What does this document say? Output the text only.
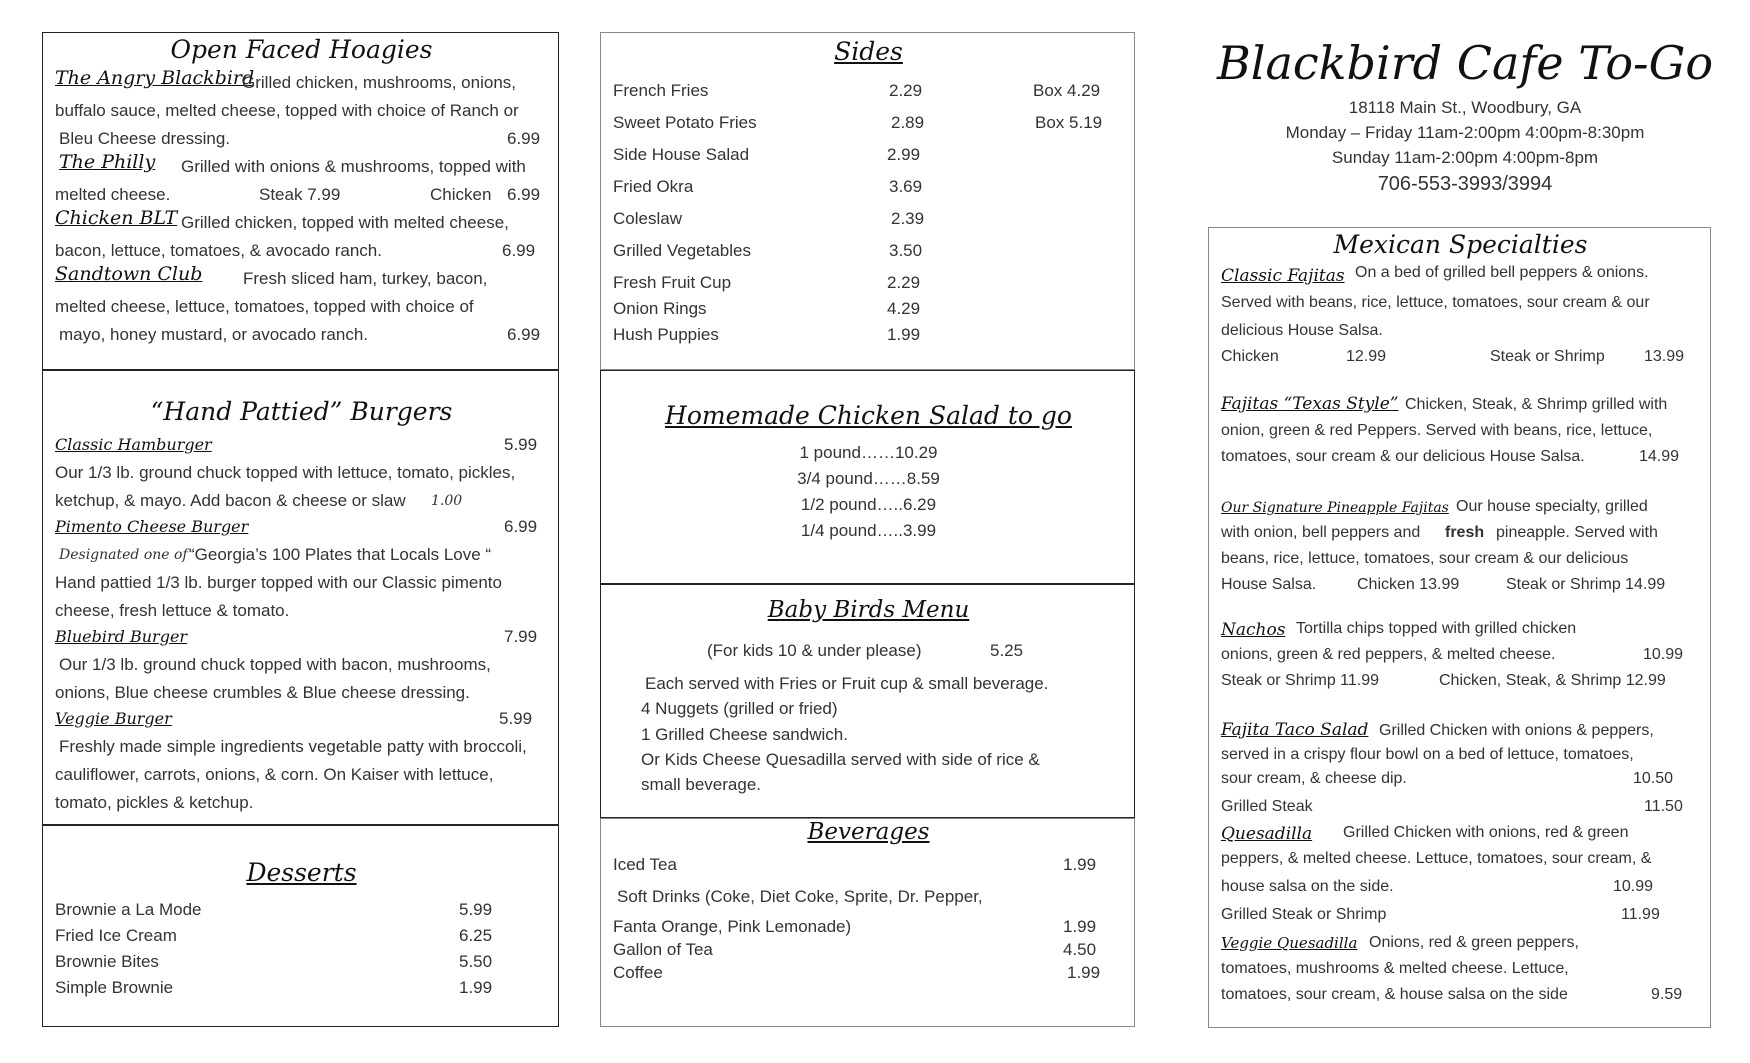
Open Faced Hoagies
The Angry Blackbird
Grilled chicken, mushrooms, onions,
buffalo sauce, melted cheese, topped with choice of Ranch or
Bleu Cheese dressing.	6.99
The Philly Grilled with onions & mushrooms, topped with
melted cheese.	Steak 7.99	Chicken 6.99
Chicken BLT Grilled chicken, topped with melted cheese,
bacon, lettuce, tomatoes, & avocado ranch.	6.99
Sandtown Club Fresh sliced ham, turkey, bacon,
melted cheese, lettuce, tomatoes, topped with choice of
mayo, honey mustard, or avocado ranch.	6.99
“Hand Pattied” Burgers
Classic Hamburger	5.99
Our 1/3 lb. ground chuck topped with lettuce, tomato, pickles,
ketchup, & mayo. Add bacon & cheese or slaw 1.00
Pimento Cheese Burger	6.99
Designated one of “Georgia’s 100 Plates that Locals Love “
Hand pattied 1/3 lb. burger topped with our Classic pimento
cheese, fresh lettuce & tomato.
Bluebird Burger	7.99
Our 1/3 lb. ground chuck topped with bacon, mushrooms,
onions, Blue cheese crumbles & Blue cheese dressing.
Veggie Burger	5.99
Freshly made simple ingredients vegetable patty with broccoli,
cauliflower, carrots, onions, & corn. On Kaiser with lettuce,
tomato, pickles & ketchup.
Desserts
Brownie a La Mode	5.99
Fried Ice Cream	6.25
Brownie Bites	5.50
Simple Brownie	1.99
Sides
French Fries	2.29	Box 4.29
Sweet Potato Fries	2.89	Box 5.19
Side House Salad	2.99
Fried Okra	3.69
Coleslaw	2.39
Grilled Vegetables	3.50
Fresh Fruit Cup	2.29
Onion Rings	4.29
Hush Puppies	1.99
Homemade Chicken Salad to go
1 pound……10.29
3/4 pound……8.59
1/2 pound…..6.29
1/4 pound…..3.99
Baby Birds Menu
(For kids 10 & under please)	5.25
Each served with Fries or Fruit cup & small beverage.
4 Nuggets (grilled or fried)
1 Grilled Cheese sandwich.
Or Kids Cheese Quesadilla served with side of rice &
small beverage.
Beverages
Iced Tea	1.99
Soft Drinks (Coke, Diet Coke, Sprite, Dr. Pepper,
Fanta Orange, Pink Lemonade)	1.99
Gallon of Tea	4.50
Coffee	1.99
Blackbird Cafe To-Go
18118 Main St., Woodbury, GA
Monday – Friday 11am-2:00pm 4:00pm-8:30pm
Sunday 11am-2:00pm 4:00pm-8pm
706-553-3993/3994
Mexican Specialties
Classic Fajitas On a bed of grilled bell peppers & onions.
Served with beans, rice, lettuce, tomatoes, sour cream & our
delicious House Salsa.
Chicken	12.99	Steak or Shrimp 13.99
Fajitas “Texas Style” Chicken, Steak, & Shrimp grilled with
onion, green & red Peppers. Served with beans, rice, lettuce,
tomatoes, sour cream & our delicious House Salsa.	14.99
Our Signature Pineapple Fajitas Our house specialty, grilled
with onion, bell peppers and fresh pineapple. Served with
beans, rice, lettuce, tomatoes, sour cream & our delicious
House Salsa.	Chicken 13.99	Steak or Shrimp 14.99
Nachos Tortilla chips topped with grilled chicken
onions, green & red peppers, & melted cheese.	10.99
Steak or Shrimp 11.99	Chicken, Steak, & Shrimp 12.99
Fajita Taco Salad Grilled Chicken with onions & peppers,
served in a crispy flour bowl on a bed of lettuce, tomatoes,
sour cream, & cheese dip.	10.50
Grilled Steak	11.50
Quesadilla Grilled Chicken with onions, red & green
peppers, & melted cheese. Lettuce, tomatoes, sour cream, &
house salsa on the side.	10.99
Grilled Steak or Shrimp	11.99
Veggie Quesadilla Onions, red & green peppers,
tomatoes, mushrooms & melted cheese. Lettuce,
tomatoes, sour cream, & house salsa on the side	9.59
